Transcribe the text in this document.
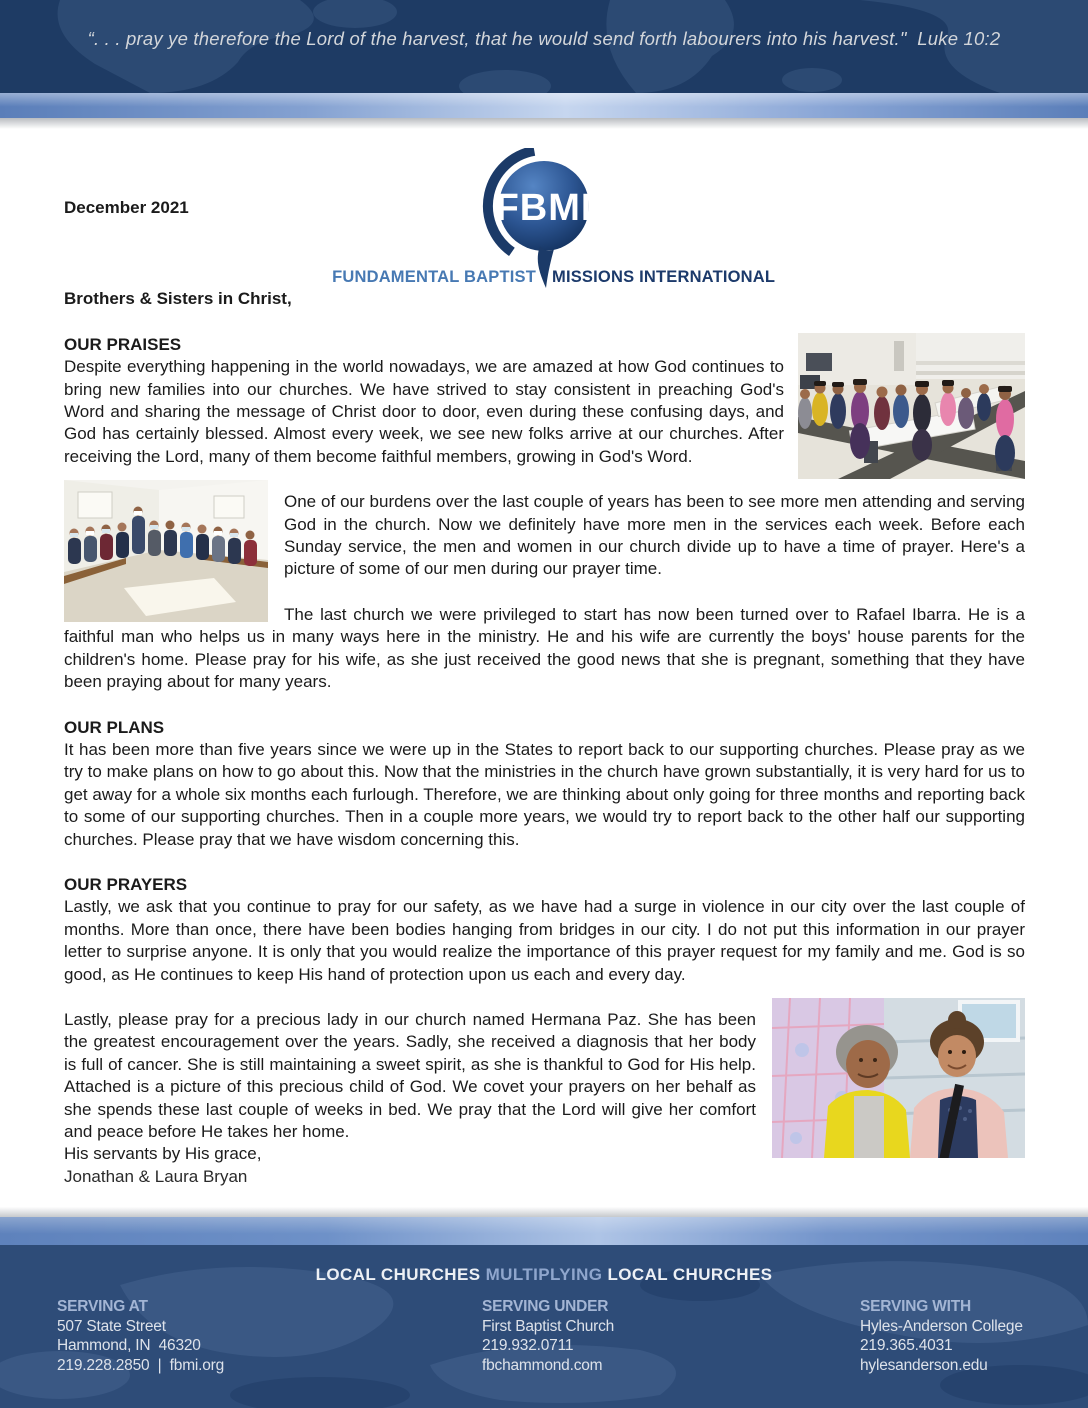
“. . . pray ye therefore the Lord of the harvest, that he would send forth labourers into his harvest."  Luke 10:2
FBMI
FUNDAMENTAL BAPTIST MISSIONS INTERNATIONAL
December 2021
Brothers & Sisters in Christ,
OUR PRAISES

Despite everything happening in the world nowadays, we are amazed at how God continues to bring new families into our churches. We have strived to stay consistent in preaching God's Word and sharing the message of Christ door to door, even during these confusing days, and God has certainly blessed. Almost every week, we see new folks arrive at our churches. After receiving the Lord, many of them become faithful members, growing in God's Word.

One of our burdens over the last couple of years has been to see more men attending and serving God in the church. Now we definitely have more men in the services each week. Before each Sunday service, the men and women in our church divide up to have a time of prayer. Here's a picture of some of our men during our prayer time.

The last church we were privileged to start has now been turned over to Rafael Ibarra. He is a faithful man who helps us in many ways here in the ministry. He and his wife are currently the boys' house parents for the children's home. Please pray for his wife, as she just received the good news that she is pregnant, something that they have been praying about for many years.

OUR PLANS

It has been more than five years since we were up in the States to report back to our supporting churches. Please pray as we try to make plans on how to go about this. Now that the ministries in the church have grown substantially, it is very hard for us to get away for a whole six months each furlough. Therefore, we are thinking about only going for three months and reporting back to some of our supporting churches. Then in a couple more years, we would try to report back to the other half our supporting churches. Please pray that we have wisdom concerning this.

OUR PRAYERS

Lastly, we ask that you continue to pray for our safety, as we have had a surge in violence in our city over the last couple of months. More than once, there have been bodies hanging from bridges in our city. I do not put this information in our prayer letter to surprise anyone. It is only that you would realize the importance of this prayer request for my family and me. God is so good, as He continues to keep His hand of protection upon us each and every day.

Lastly, please pray for a precious lady in our church named Hermana Paz. She has been the greatest encouragement over the years. Sadly, she received a diagnosis that her body is full of cancer. She is still maintaining a sweet spirit, as she is thankful to God for His help. Attached is a picture of this precious child of God. We covet your prayers on her behalf as she spends these last couple of weeks in bed. We pray that the Lord will give her comfort and peace before He takes her home.

His servants by His grace,

Jonathan & Laura Bryan

LOCAL CHURCHES MULTIPLYING LOCAL CHURCHES
SERVING AT
507 State Street
Hammond, IN  46320
219.228.2850  |  fbmi.org
SERVING UNDER
First Baptist Church
219.932.0711
fbchammond.com
SERVING WITH
Hyles-Anderson College
219.365.4031
hylesanderson.edu
